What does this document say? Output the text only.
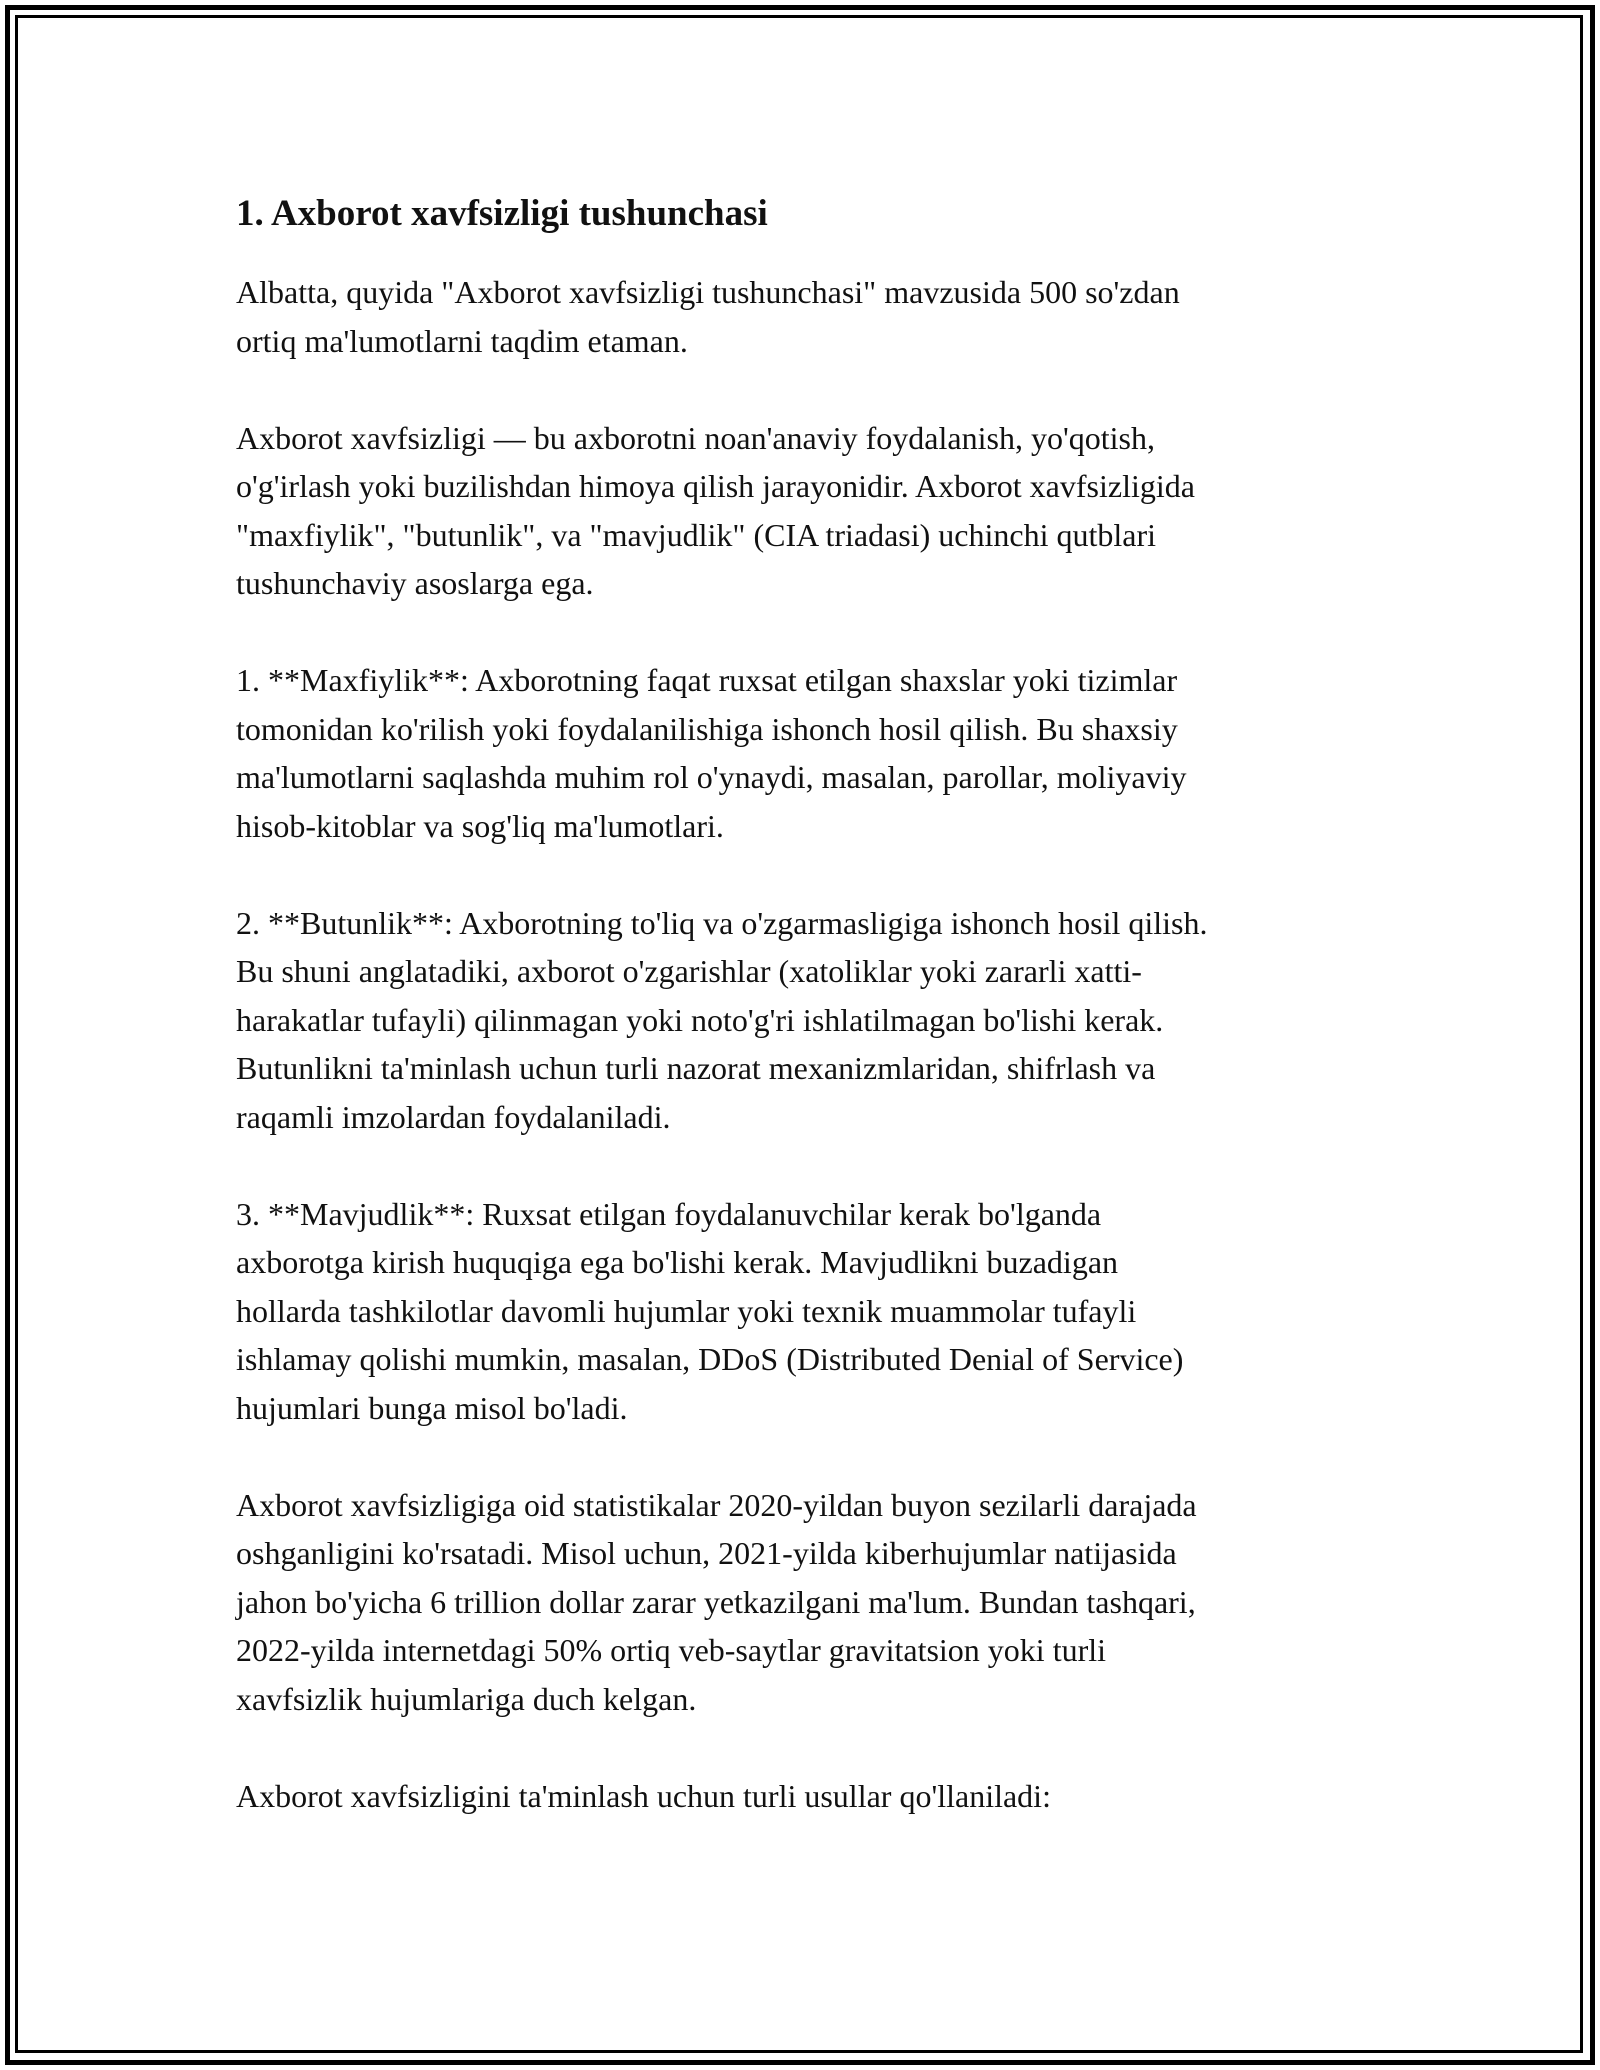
1. Axborot xavfsizligi tushunchasi

Albatta, quyida "Axborot xavfsizligi tushunchasi" mavzusida 500 so'zdan
ortiq ma'lumotlarni taqdim etaman.

Axborot xavfsizligi — bu axborotni noan'anaviy foydalanish, yo'qotish,
o'g'irlash yoki buzilishdan himoya qilish jarayonidir. Axborot xavfsizligida
"maxfiylik", "butunlik", va "mavjudlik" (CIA triadasi) uchinchi qutblari
tushunchaviy asoslarga ega.

1. **Maxfiylik**: Axborotning faqat ruxsat etilgan shaxslar yoki tizimlar
tomonidan ko'rilish yoki foydalanilishiga ishonch hosil qilish. Bu shaxsiy
ma'lumotlarni saqlashda muhim rol o'ynaydi, masalan, parollar, moliyaviy
hisob-kitoblar va sog'liq ma'lumotlari.

2. **Butunlik**: Axborotning to'liq va o'zgarmasligiga ishonch hosil qilish.
Bu shuni anglatadiki, axborot o'zgarishlar (xatoliklar yoki zararli xatti-
harakatlar tufayli) qilinmagan yoki noto'g'ri ishlatilmagan bo'lishi kerak.
Butunlikni ta'minlash uchun turli nazorat mexanizmlaridan, shifrlash va
raqamli imzolardan foydalaniladi.

3. **Mavjudlik**: Ruxsat etilgan foydalanuvchilar kerak bo'lganda
axborotga kirish huquqiga ega bo'lishi kerak. Mavjudlikni buzadigan
hollarda tashkilotlar davomli hujumlar yoki texnik muammolar tufayli
ishlamay qolishi mumkin, masalan, DDoS (Distributed Denial of Service)
hujumlari bunga misol bo'ladi.

Axborot xavfsizligiga oid statistikalar 2020-yildan buyon sezilarli darajada
oshganligini ko'rsatadi. Misol uchun, 2021-yilda kiberhujumlar natijasida
jahon bo'yicha 6 trillion dollar zarar yetkazilgani ma'lum. Bundan tashqari,
2022-yilda internetdagi 50% ortiq veb-saytlar gravitatsion yoki turli
xavfsizlik hujumlariga duch kelgan.

Axborot xavfsizligini ta'minlash uchun turli usullar qo'llaniladi:
